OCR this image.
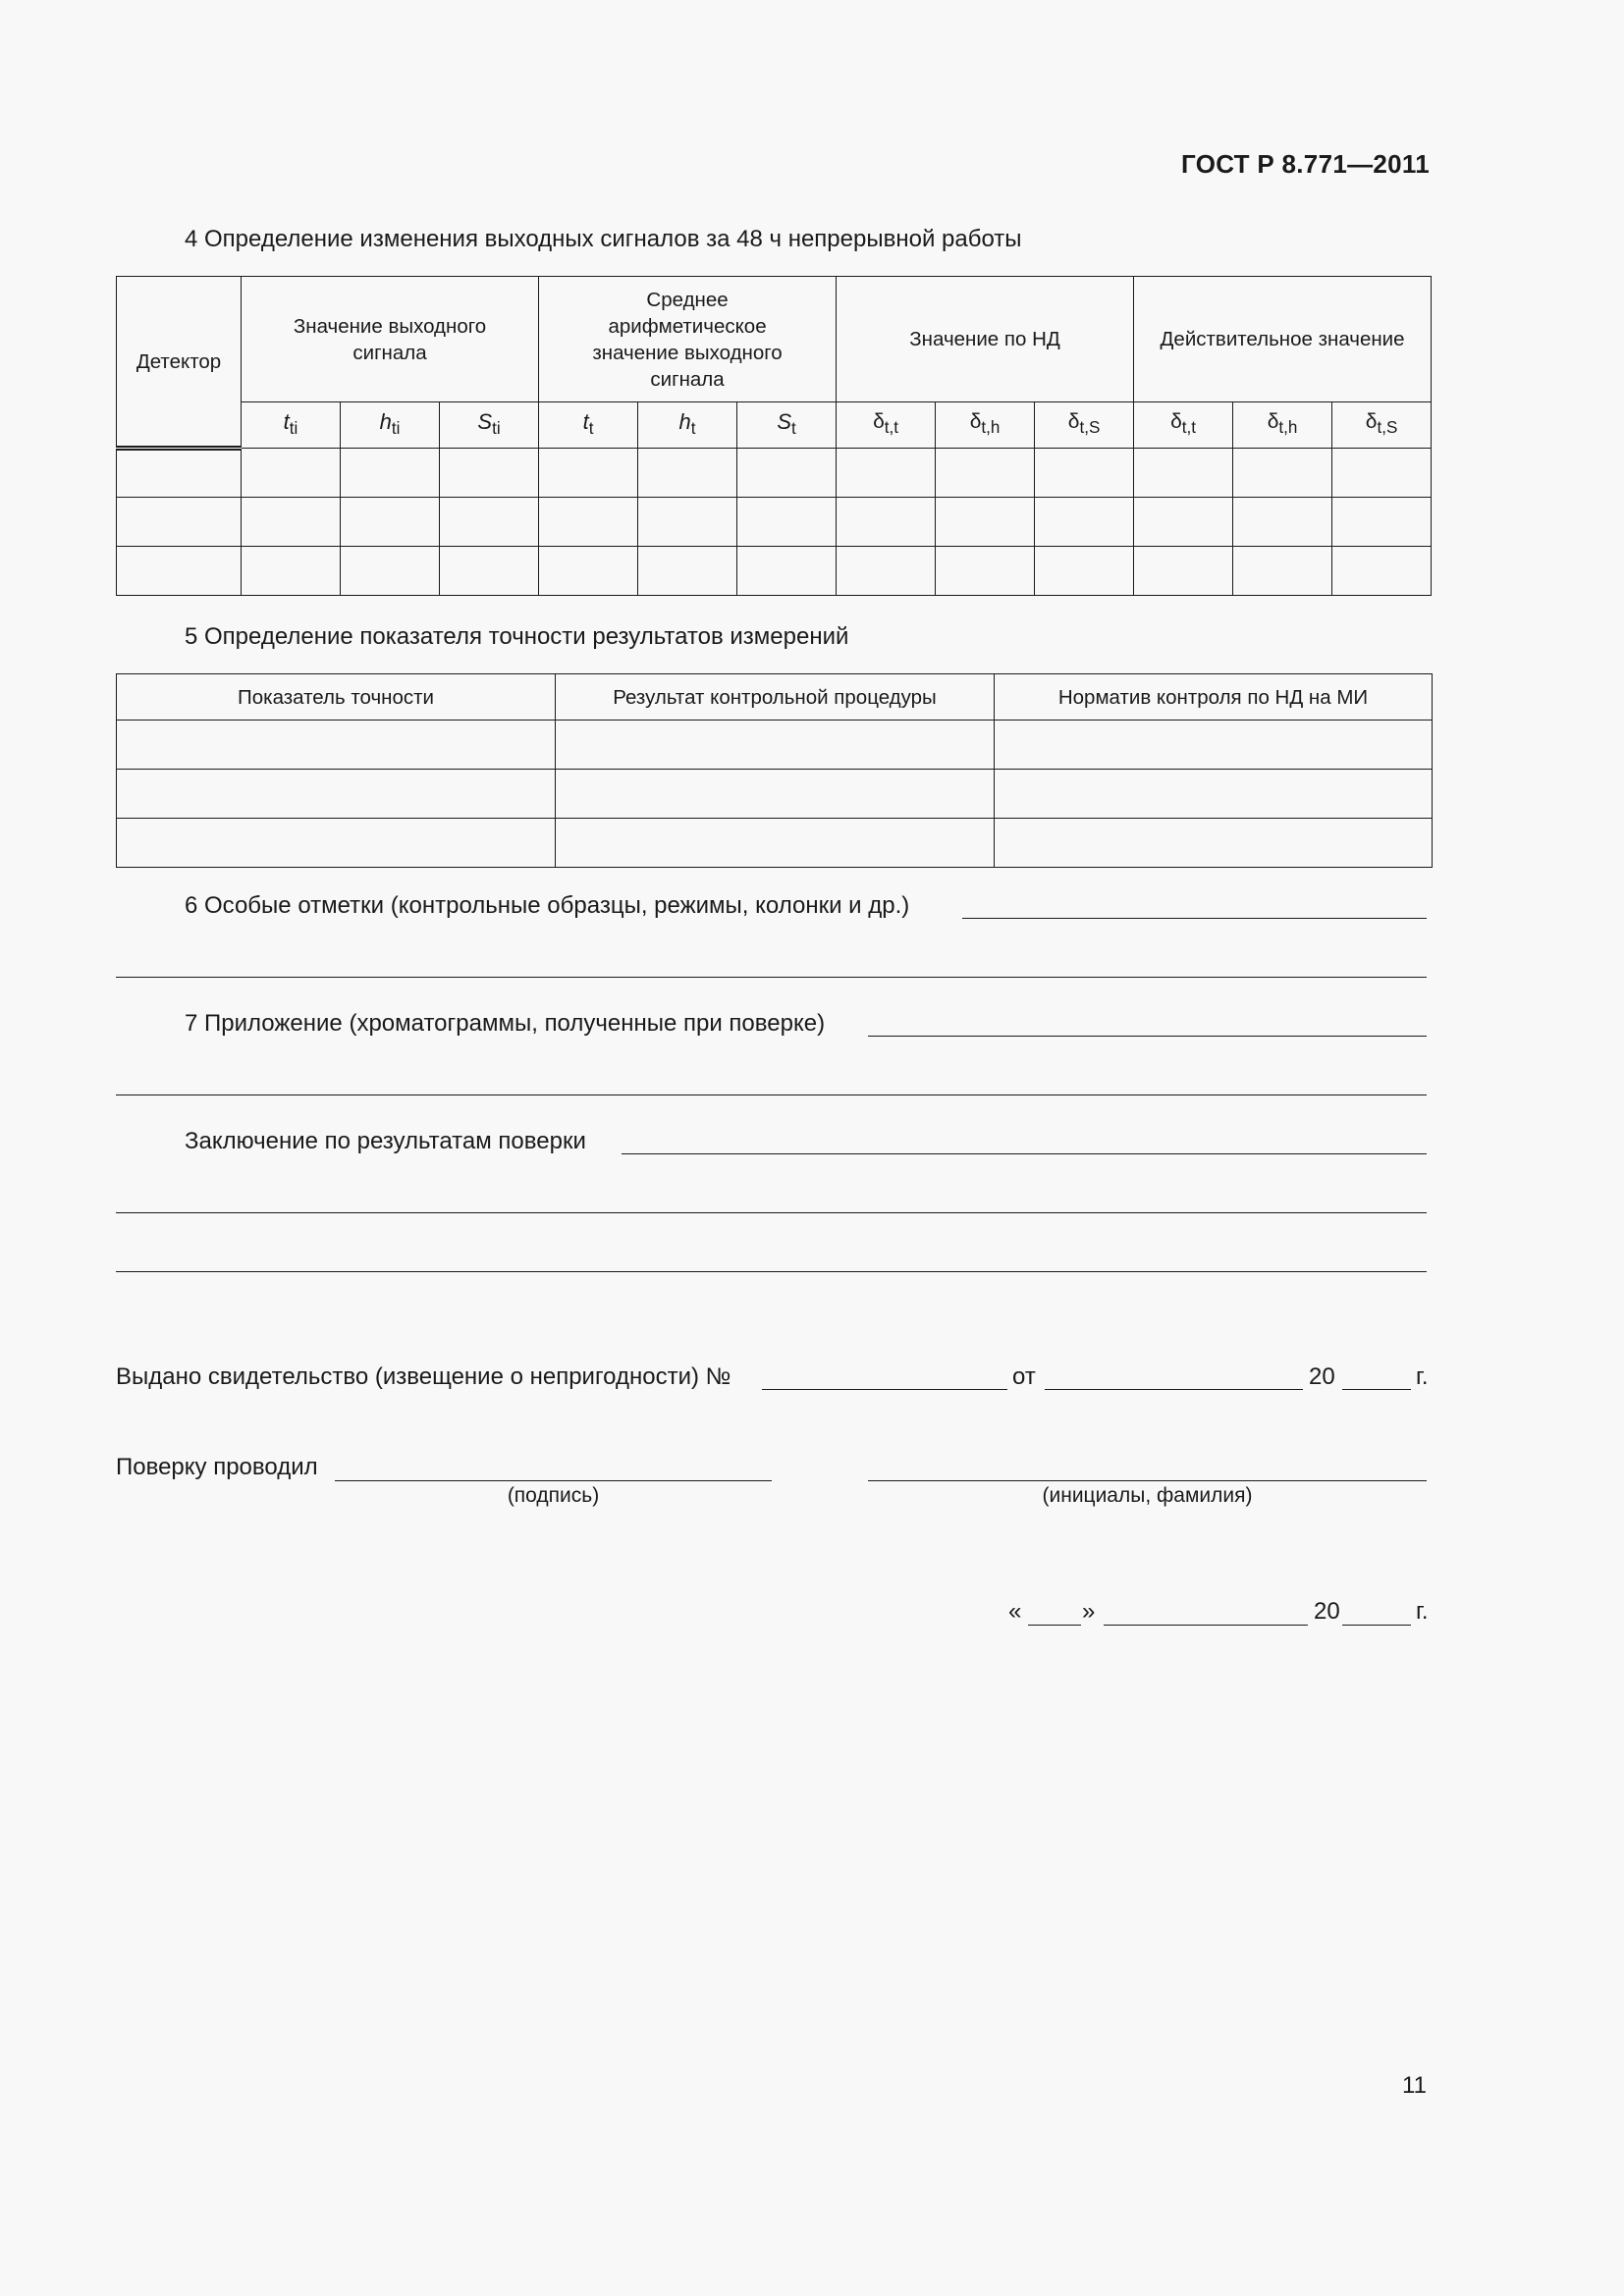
ГОСТ Р 8.771—2011
4 Определение изменения выходных сигналов за 48 ч непрерывной работы
Детектор	Значение выходного сигнала			Среднее арифметическое значение выходного сигнала			Значение по НД			Действительное значение		
	$t_{ti}$	$h_{ti}$	$S_{ti}$	$t_t$	$h_t$	$S_t$	$\delta_{t,t}$	$\delta_{t,h}$	$\delta_{t,S}$	$\delta_{t,t}$	$\delta_{t,h}$	$\delta_{t,S}$

5 Определение показателя точности результатов измерений
Показатель точности	Результат контрольной процедуры	Норматив контроля по НД на МИ

6 Особые отметки (контрольные образцы, режимы, колонки и др.)
7 Приложение (хроматограммы, полученные при поверке)
Заключение по результатам поверки
Выдано свидетельство (извещение о непригодности) №	от	20	г.
Поверку проводил
(подпись)	(инициалы, фамилия)
«	»	20	г.
11
